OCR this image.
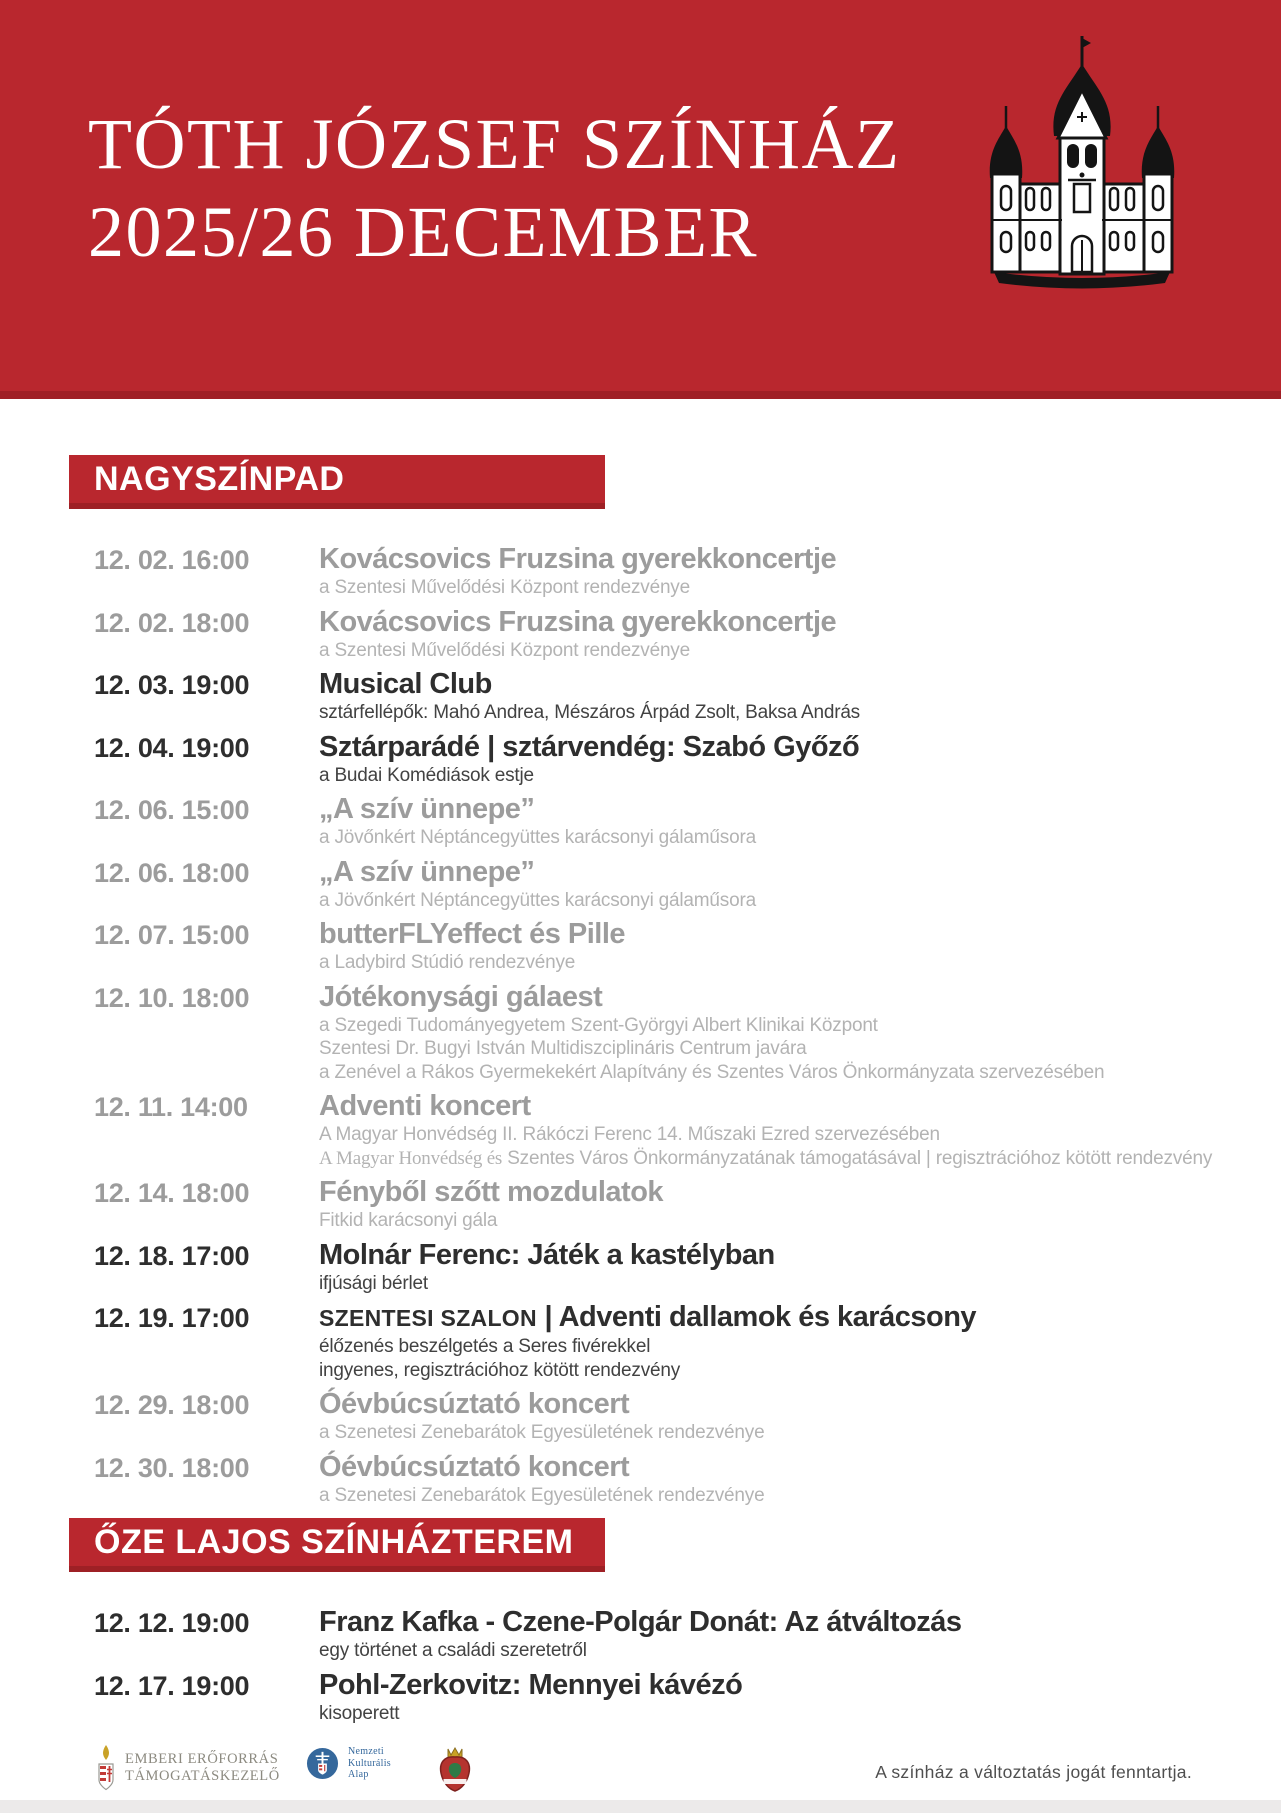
TÓTH JÓZSEF SZÍNHÁZ
2025/26 DECEMBER
NAGYSZÍNPAD
12. 02. 16:00	Kovácsovics Fruzsina gyerekkoncertje
a Szentesi Művelődési Központ rendezvénye
12. 02. 18:00	Kovácsovics Fruzsina gyerekkoncertje
a Szentesi Művelődési Központ rendezvénye
12. 03. 19:00	Musical Club
sztárfellépők: Mahó Andrea, Mészáros Árpád Zsolt, Baksa András
12. 04. 19:00	Sztárparádé | sztárvendég: Szabó Győző
a Budai Komédiások estje
12. 06. 15:00	„A szív ünnepe”
a Jövőnkért Néptáncegyüttes karácsonyi gálaműsora
12. 06. 18:00	„A szív ünnepe”
a Jövőnkért Néptáncegyüttes karácsonyi gálaműsora
12. 07. 15:00	butterFLYeffect és Pille
a Ladybird Stúdió rendezvénye
12. 10. 18:00	Jótékonysági gálaest
a Szegedi Tudományegyetem Szent-Györgyi Albert Klinikai Központ
Szentesi Dr. Bugyi István Multidiszciplináris Centrum javára
a Zenével a Rákos Gyermekekért Alapítvány és Szentes Város Önkormányzata szervezésében
12. 11. 14:00	Adventi koncert
A Magyar Honvédség II. Rákóczi Ferenc 14. Műszaki Ezred szervezésében
A Magyar Honvédség és Szentes Város Önkormányzatának támogatásával | regisztrációhoz kötött rendezvény
12. 14. 18:00	Fényből szőtt mozdulatok
Fitkid karácsonyi gála
12. 18. 17:00	Molnár Ferenc: Játék a kastélyban
ifjúsági bérlet
12. 19. 17:00	SZENTESI SZALON | Adventi dallamok és karácsony
élőzenés beszélgetés a Seres fivérekkel
ingyenes, regisztrációhoz kötött rendezvény
12. 29. 18:00	Óévbúcsúztató koncert
a Szenetesi Zenebarátok Egyesületének rendezvénye
12. 30. 18:00	Óévbúcsúztató koncert
a Szenetesi Zenebarátok Egyesületének rendezvénye
ŐZE LAJOS SZÍNHÁZTEREM
12. 12. 19:00	Franz Kafka - Czene-Polgár Donát: Az átváltozás
egy történet a családi szeretetről
12. 17. 19:00	Pohl-Zerkovitz: Mennyei kávézó
kisoperett
EMBERI ERŐFORRÁS
TÁMOGATÁSKEZELŐ
Nemzeti
Kulturális
Alap	A színház a változtatás jogát fenntartja.
